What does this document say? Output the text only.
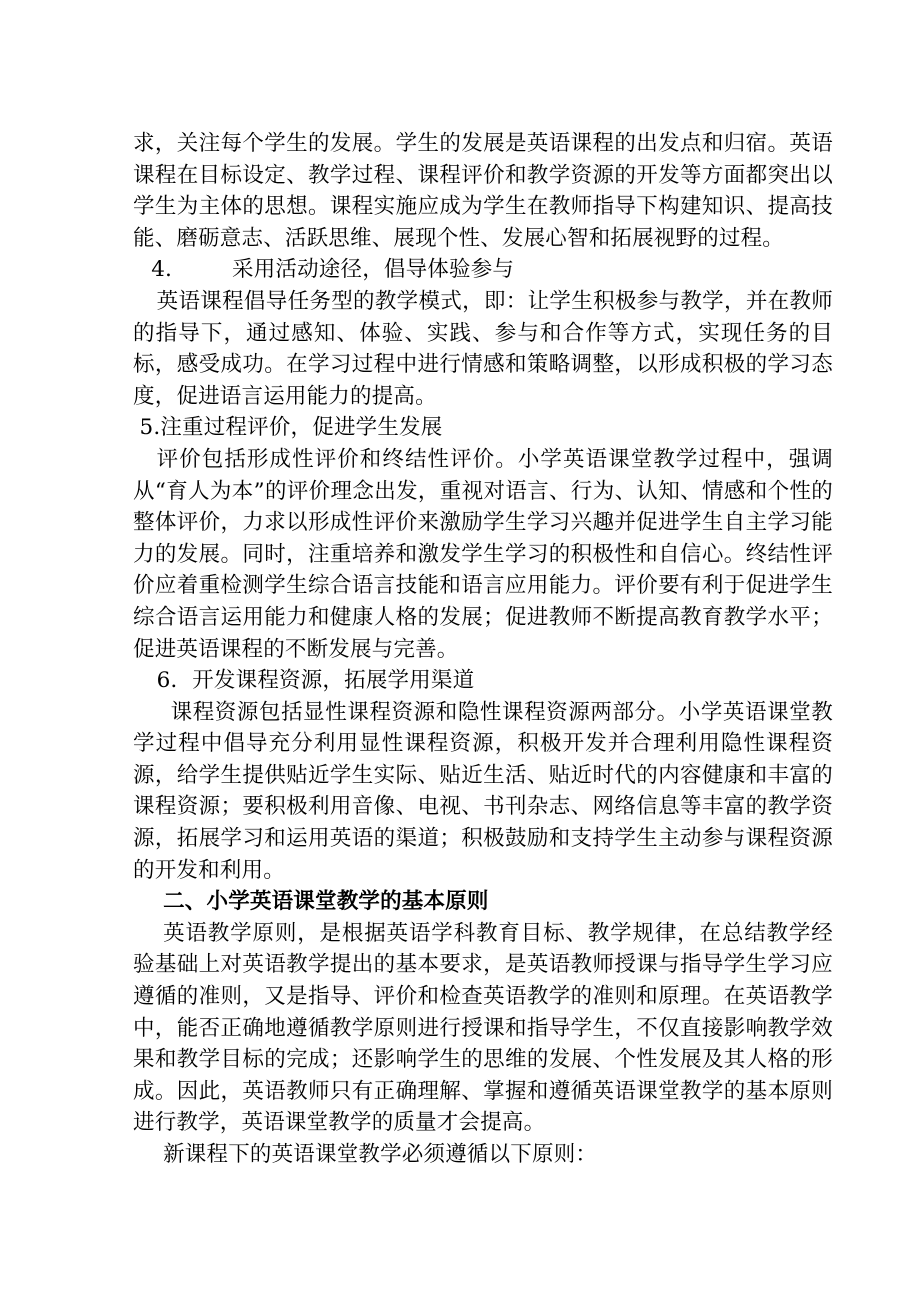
求，关注每个学生的发展。学生的发展是英语课程的出发点和归宿。英语课程在目标设定、教学过程、课程评价和教学资源的开发等方面都突出以学生为主体的思想。课程实施应成为学生在教师指导下构建知识、提高技能、磨砺意志、活跃思维、展现个性、发展心智和拓展视野的过程。

4． 采用活动途径，倡导体验参与

英语课程倡导任务型的教学模式，即：让学生积极参与教学，并在教师的指导下，通过感知、体验、实践、参与和合作等方式，实现任务的目标，感受成功。在学习过程中进行情感和策略调整，以形成积极的学习态度，促进语言运用能力的提高。

5.注重过程评价，促进学生发展

评价包括形成性评价和终结性评价。小学英语课堂教学过程中，强调从“育人为本”的评价理念出发，重视对语言、行为、认知、情感和个性的整体评价，力求以形成性评价来激励学生学习兴趣并促进学生自主学习能力的发展。同时，注重培养和激发学生学习的积极性和自信心。终结性评价应着重检测学生综合语言技能和语言应用能力。评价要有利于促进学生综合语言运用能力和健康人格的发展；促进教师不断提高教育教学水平；促进英语课程的不断发展与完善。

6．开发课程资源，拓展学用渠道

课程资源包括显性课程资源和隐性课程资源两部分。小学英语课堂教学过程中倡导充分利用显性课程资源，积极开发并合理利用隐性课程资源，给学生提供贴近学生实际、贴近生活、贴近时代的内容健康和丰富的课程资源；要积极利用音像、电视、书刊杂志、网络信息等丰富的教学资源，拓展学习和运用英语的渠道；积极鼓励和支持学生主动参与课程资源的开发和利用。

二、小学英语课堂教学的基本原则

英语教学原则，是根据英语学科教育目标、教学规律，在总结教学经验基础上对英语教学提出的基本要求，是英语教师授课与指导学生学习应遵循的准则，又是指导、评价和检查英语教学的准则和原理。在英语教学中，能否正确地遵循教学原则进行授课和指导学生，不仅直接影响教学效果和教学目标的完成；还影响学生的思维的发展、个性发展及其人格的形成。因此，英语教师只有正确理解、掌握和遵循英语课堂教学的基本原则进行教学，英语课堂教学的质量才会提高。

新课程下的英语课堂教学必须遵循以下原则：
